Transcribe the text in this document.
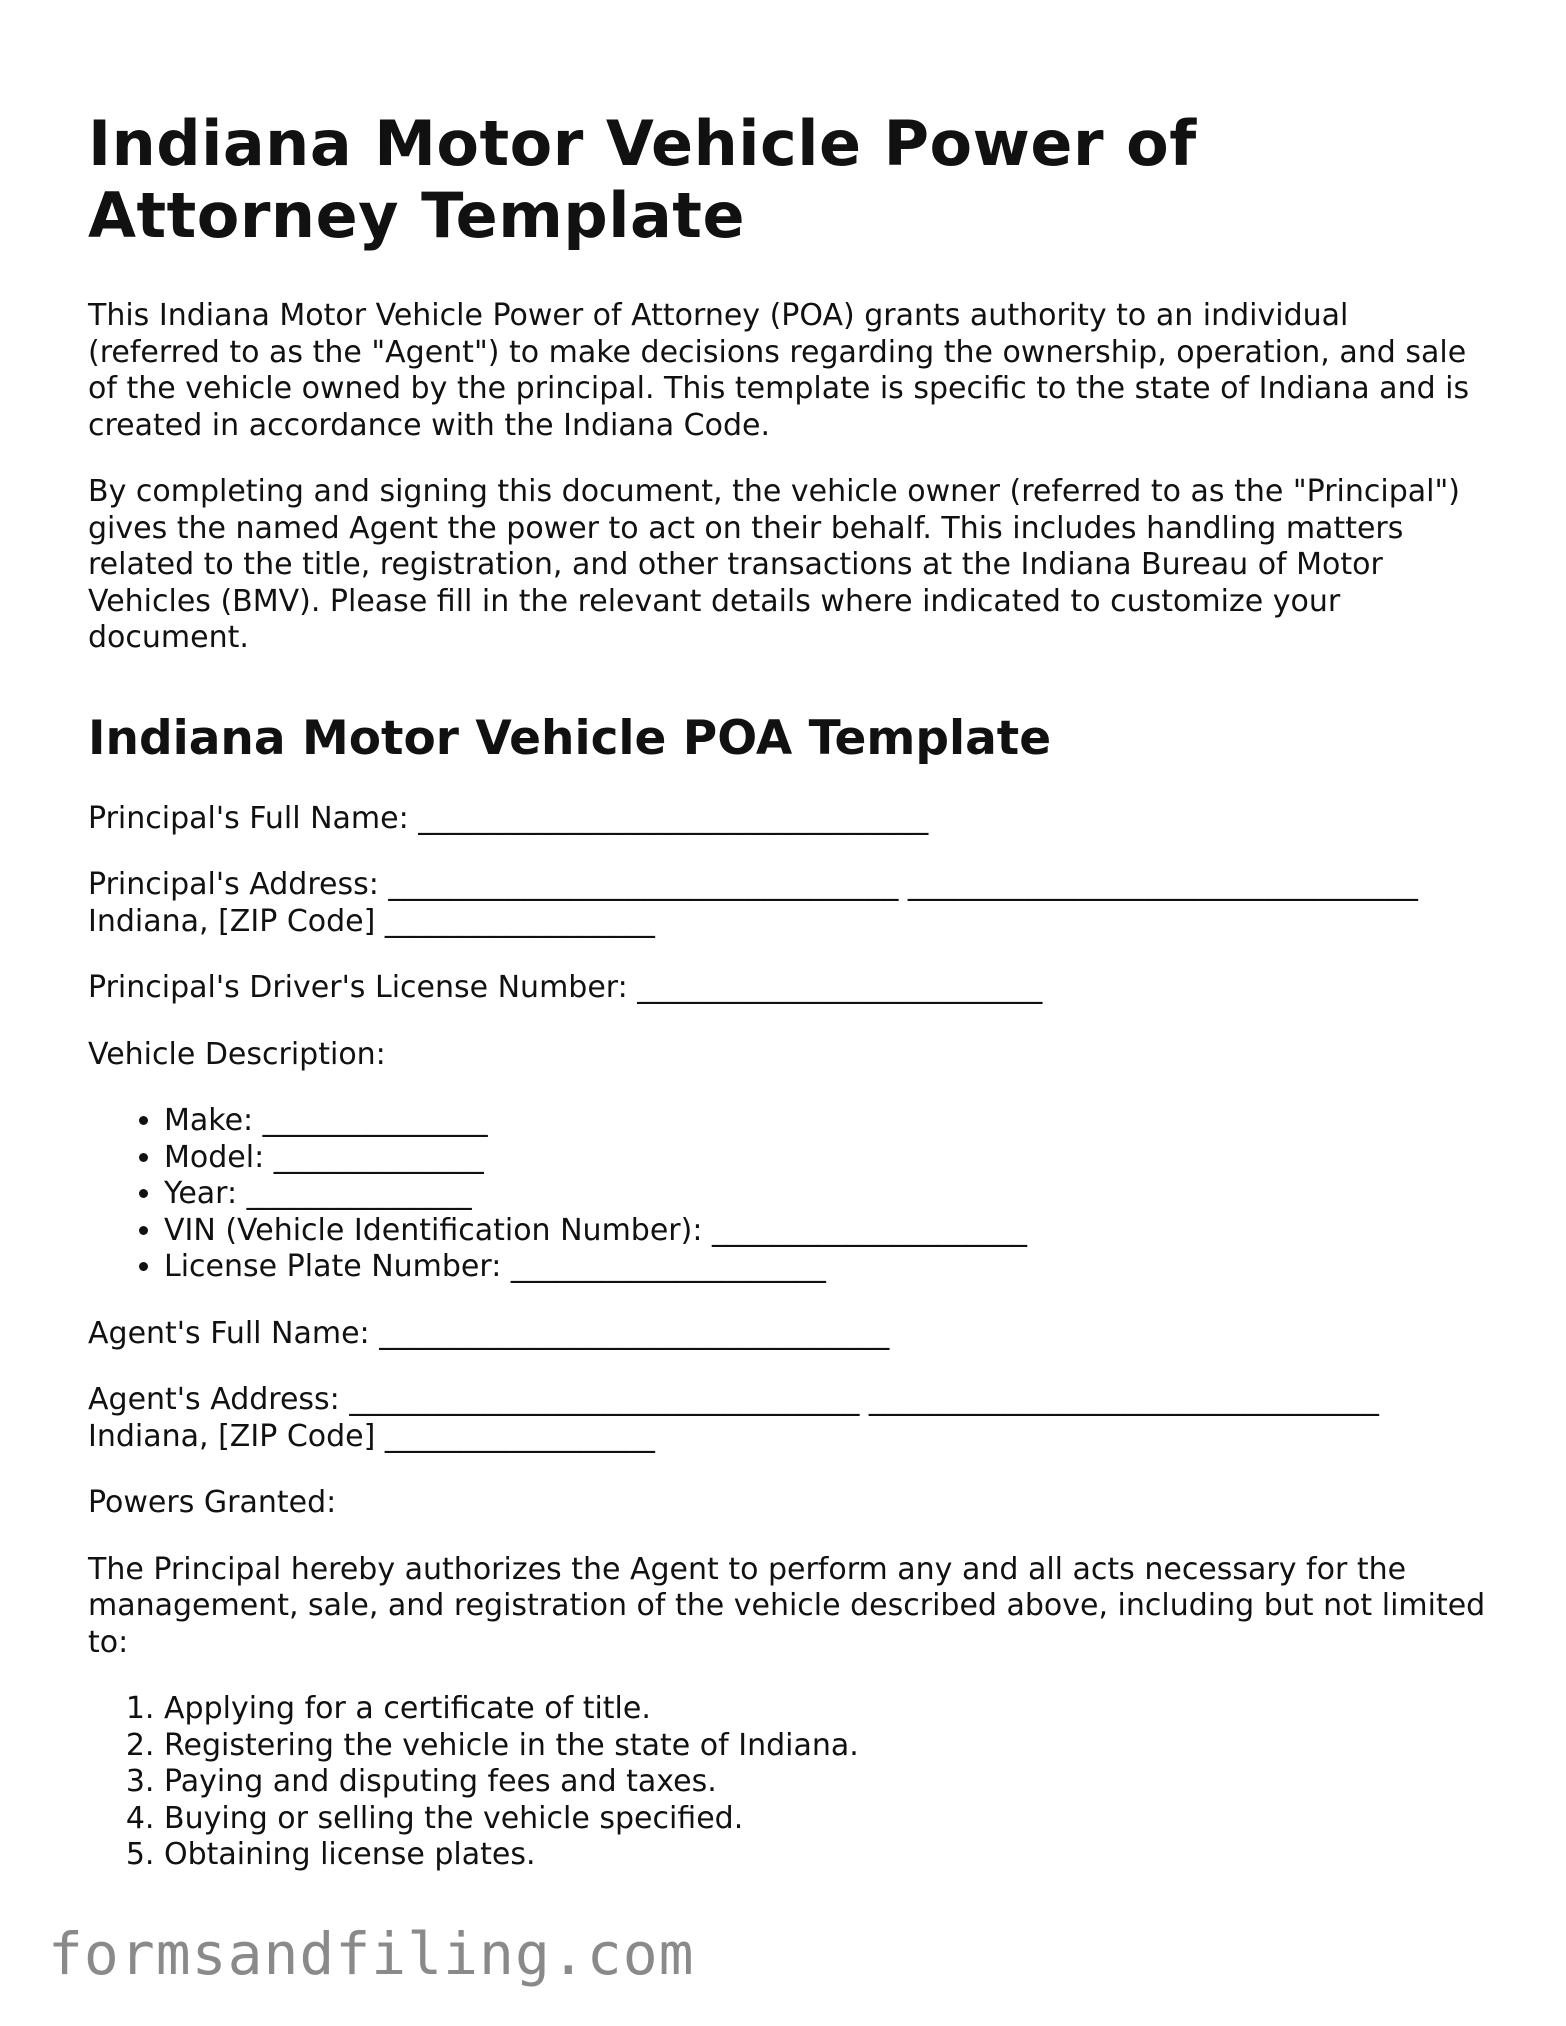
Indiana Motor Vehicle Power of Attorney Template

This Indiana Motor Vehicle Power of Attorney (POA) grants authority to an individual (referred to as the "Agent") to make decisions regarding the ownership, operation, and sale of the vehicle owned by the principal. This template is specific to the state of Indiana and is created in accordance with the Indiana Code.

By completing and signing this document, the vehicle owner (referred to as the "Principal") gives the named Agent the power to act on their behalf. This includes handling matters related to the title, registration, and other transactions at the Indiana Bureau of Motor Vehicles (BMV). Please fill in the relevant details where indicated to customize your document.

Indiana Motor Vehicle POA Template

Principal's Full Name: __________________________________

Principal's Address: __________________________________ __________________________________ Indiana, [ZIP Code] __________________

Principal's Driver's License Number: ___________________________

Vehicle Description:

• Make: _______________
• Model: ______________
• Year: _______________
• VIN (Vehicle Identification Number): _____________________
• License Plate Number: _____________________

Agent's Full Name: __________________________________

Agent's Address: __________________________________ __________________________________ Indiana, [ZIP Code] __________________

Powers Granted:

The Principal hereby authorizes the Agent to perform any and all acts necessary for the management, sale, and registration of the vehicle described above, including but not limited to:

1. Applying for a certificate of title.
2. Registering the vehicle in the state of Indiana.
3. Paying and disputing fees and taxes.
4. Buying or selling the vehicle specified.
5. Obtaining license plates.
formsandfiling.com
